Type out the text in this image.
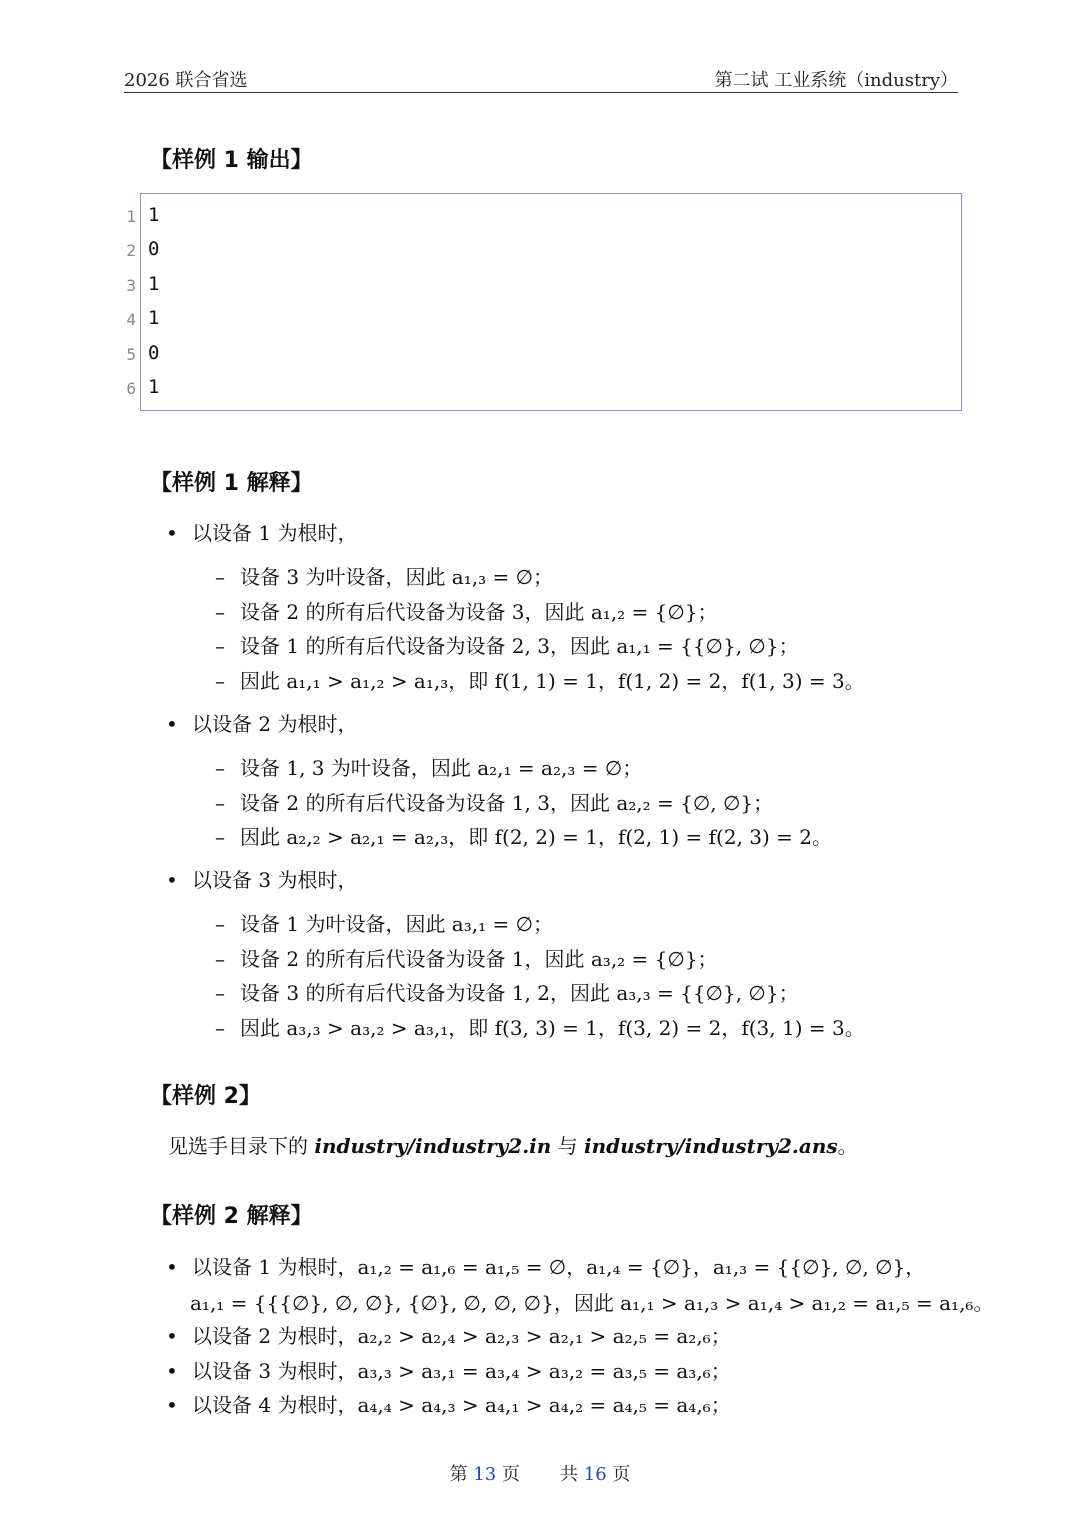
2026 联合省选	第二试 工业系统（industry）
【样例 1 输出】
1
2
3
4
5
6
1
0
1
1
0
1
【样例 1 解释】
• 以设备 1 为根时，
– 设备 3 为叶设备，因此 a₁,₃ = ∅；
– 设备 2 的所有后代设备为设备 3，因此 a₁,₂ = {∅}；
– 设备 1 的所有后代设备为设备 2, 3，因此 a₁,₁ = {{∅}, ∅}；
– 因此 a₁,₁ > a₁,₂ > a₁,₃，即 f(1, 1) = 1，f(1, 2) = 2，f(1, 3) = 3。
• 以设备 2 为根时，
– 设备 1, 3 为叶设备，因此 a₂,₁ = a₂,₃ = ∅；
– 设备 2 的所有后代设备为设备 1, 3，因此 a₂,₂ = {∅, ∅}；
– 因此 a₂,₂ > a₂,₁ = a₂,₃，即 f(2, 2) = 1，f(2, 1) = f(2, 3) = 2。
• 以设备 3 为根时，
– 设备 1 为叶设备，因此 a₃,₁ = ∅；
– 设备 2 的所有后代设备为设备 1，因此 a₃,₂ = {∅}；
– 设备 3 的所有后代设备为设备 1, 2，因此 a₃,₃ = {{∅}, ∅}；
– 因此 a₃,₃ > a₃,₂ > a₃,₁，即 f(3, 3) = 1，f(3, 2) = 2，f(3, 1) = 3。
【样例 2】
见选手目录下的 industry/industry2.in 与 industry/industry2.ans。
【样例 2 解释】
• 以设备 1 为根时，a₁,₂ = a₁,₆ = a₁,₅ = ∅，a₁,₄ = {∅}，a₁,₃ = {{∅}, ∅, ∅}，
a₁,₁ = {{{∅}, ∅, ∅}, {∅}, ∅, ∅, ∅}，因此 a₁,₁ > a₁,₃ > a₁,₄ > a₁,₂ = a₁,₅ = a₁,₆。
• 以设备 2 为根时，a₂,₂ > a₂,₄ > a₂,₃ > a₂,₁ > a₂,₅ = a₂,₆；
• 以设备 3 为根时，a₃,₃ > a₃,₁ = a₃,₄ > a₃,₂ = a₃,₅ = a₃,₆；
• 以设备 4 为根时，a₄,₄ > a₄,₃ > a₄,₁ > a₄,₂ = a₄,₅ = a₄,₆；
第 13 页 共 16 页
